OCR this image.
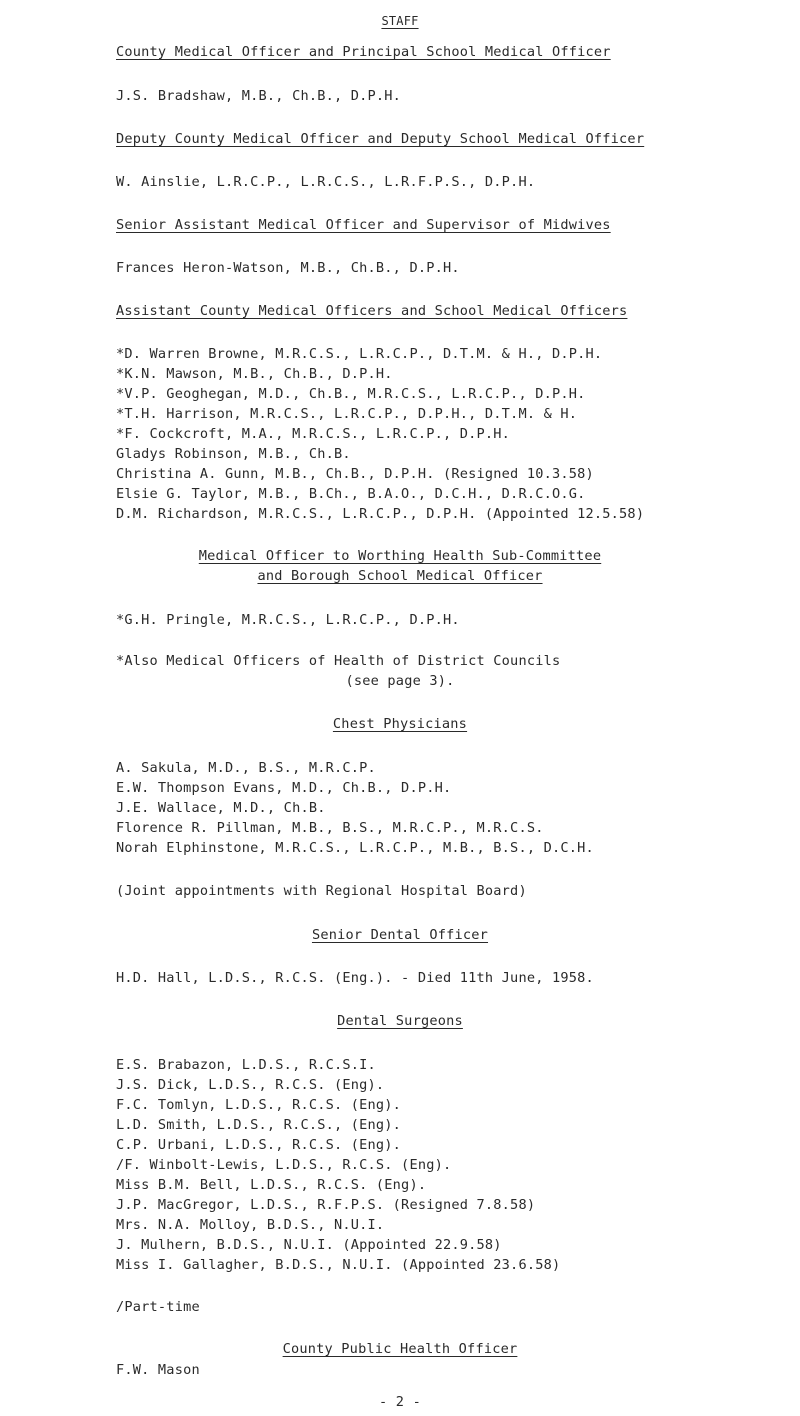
STAFF
County Medical Officer and Principal School Medical Officer
J.S. Bradshaw, M.B., Ch.B., D.P.H.
Deputy County Medical Officer and Deputy School Medical Officer
W. Ainslie, L.R.C.P., L.R.C.S., L.R.F.P.S., D.P.H.
Senior Assistant Medical Officer and Supervisor of Midwives
Frances Heron-Watson, M.B., Ch.B., D.P.H.
Assistant County Medical Officers and School Medical Officers
*D. Warren Browne, M.R.C.S., L.R.C.P., D.T.M. & H., D.P.H.
*K.N. Mawson, M.B., Ch.B., D.P.H.
*V.P. Geoghegan, M.D., Ch.B., M.R.C.S., L.R.C.P., D.P.H.
*T.H. Harrison, M.R.C.S., L.R.C.P., D.P.H., D.T.M. & H.
*F. Cockcroft, M.A., M.R.C.S., L.R.C.P., D.P.H.
Gladys Robinson, M.B., Ch.B.
Christina A. Gunn, M.B., Ch.B., D.P.H. (Resigned 10.3.58)
Elsie G. Taylor, M.B., B.Ch., B.A.O., D.C.H., D.R.C.O.G.
D.M. Richardson, M.R.C.S., L.R.C.P., D.P.H. (Appointed 12.5.58)
Medical Officer to Worthing Health Sub-Committee
and Borough School Medical Officer
*G.H. Pringle, M.R.C.S., L.R.C.P., D.P.H.
*Also Medical Officers of Health of District Councils
(see page 3).
Chest Physicians
A. Sakula, M.D., B.S., M.R.C.P.
E.W. Thompson Evans, M.D., Ch.B., D.P.H.
J.E. Wallace, M.D., Ch.B.
Florence R. Pillman, M.B., B.S., M.R.C.P., M.R.C.S.
Norah Elphinstone, M.R.C.S., L.R.C.P., M.B., B.S., D.C.H.
(Joint appointments with Regional Hospital Board)
Senior Dental Officer
H.D. Hall, L.D.S., R.C.S. (Eng.). - Died 11th June, 1958.
Dental Surgeons
E.S. Brabazon, L.D.S., R.C.S.I.
J.S. Dick, L.D.S., R.C.S. (Eng).
F.C. Tomlyn, L.D.S., R.C.S. (Eng).
L.D. Smith, L.D.S., R.C.S., (Eng).
C.P. Urbani, L.D.S., R.C.S. (Eng).
/F. Winbolt-Lewis, L.D.S., R.C.S. (Eng).
Miss B.M. Bell, L.D.S., R.C.S. (Eng).
J.P. MacGregor, L.D.S., R.F.P.S. (Resigned 7.8.58)
Mrs. N.A. Molloy, B.D.S., N.U.I.
J. Mulhern, B.D.S., N.U.I. (Appointed 22.9.58)
Miss I. Gallagher, B.D.S., N.U.I. (Appointed 23.6.58)
/Part-time
County Public Health Officer
F.W. Mason
- 2 -
